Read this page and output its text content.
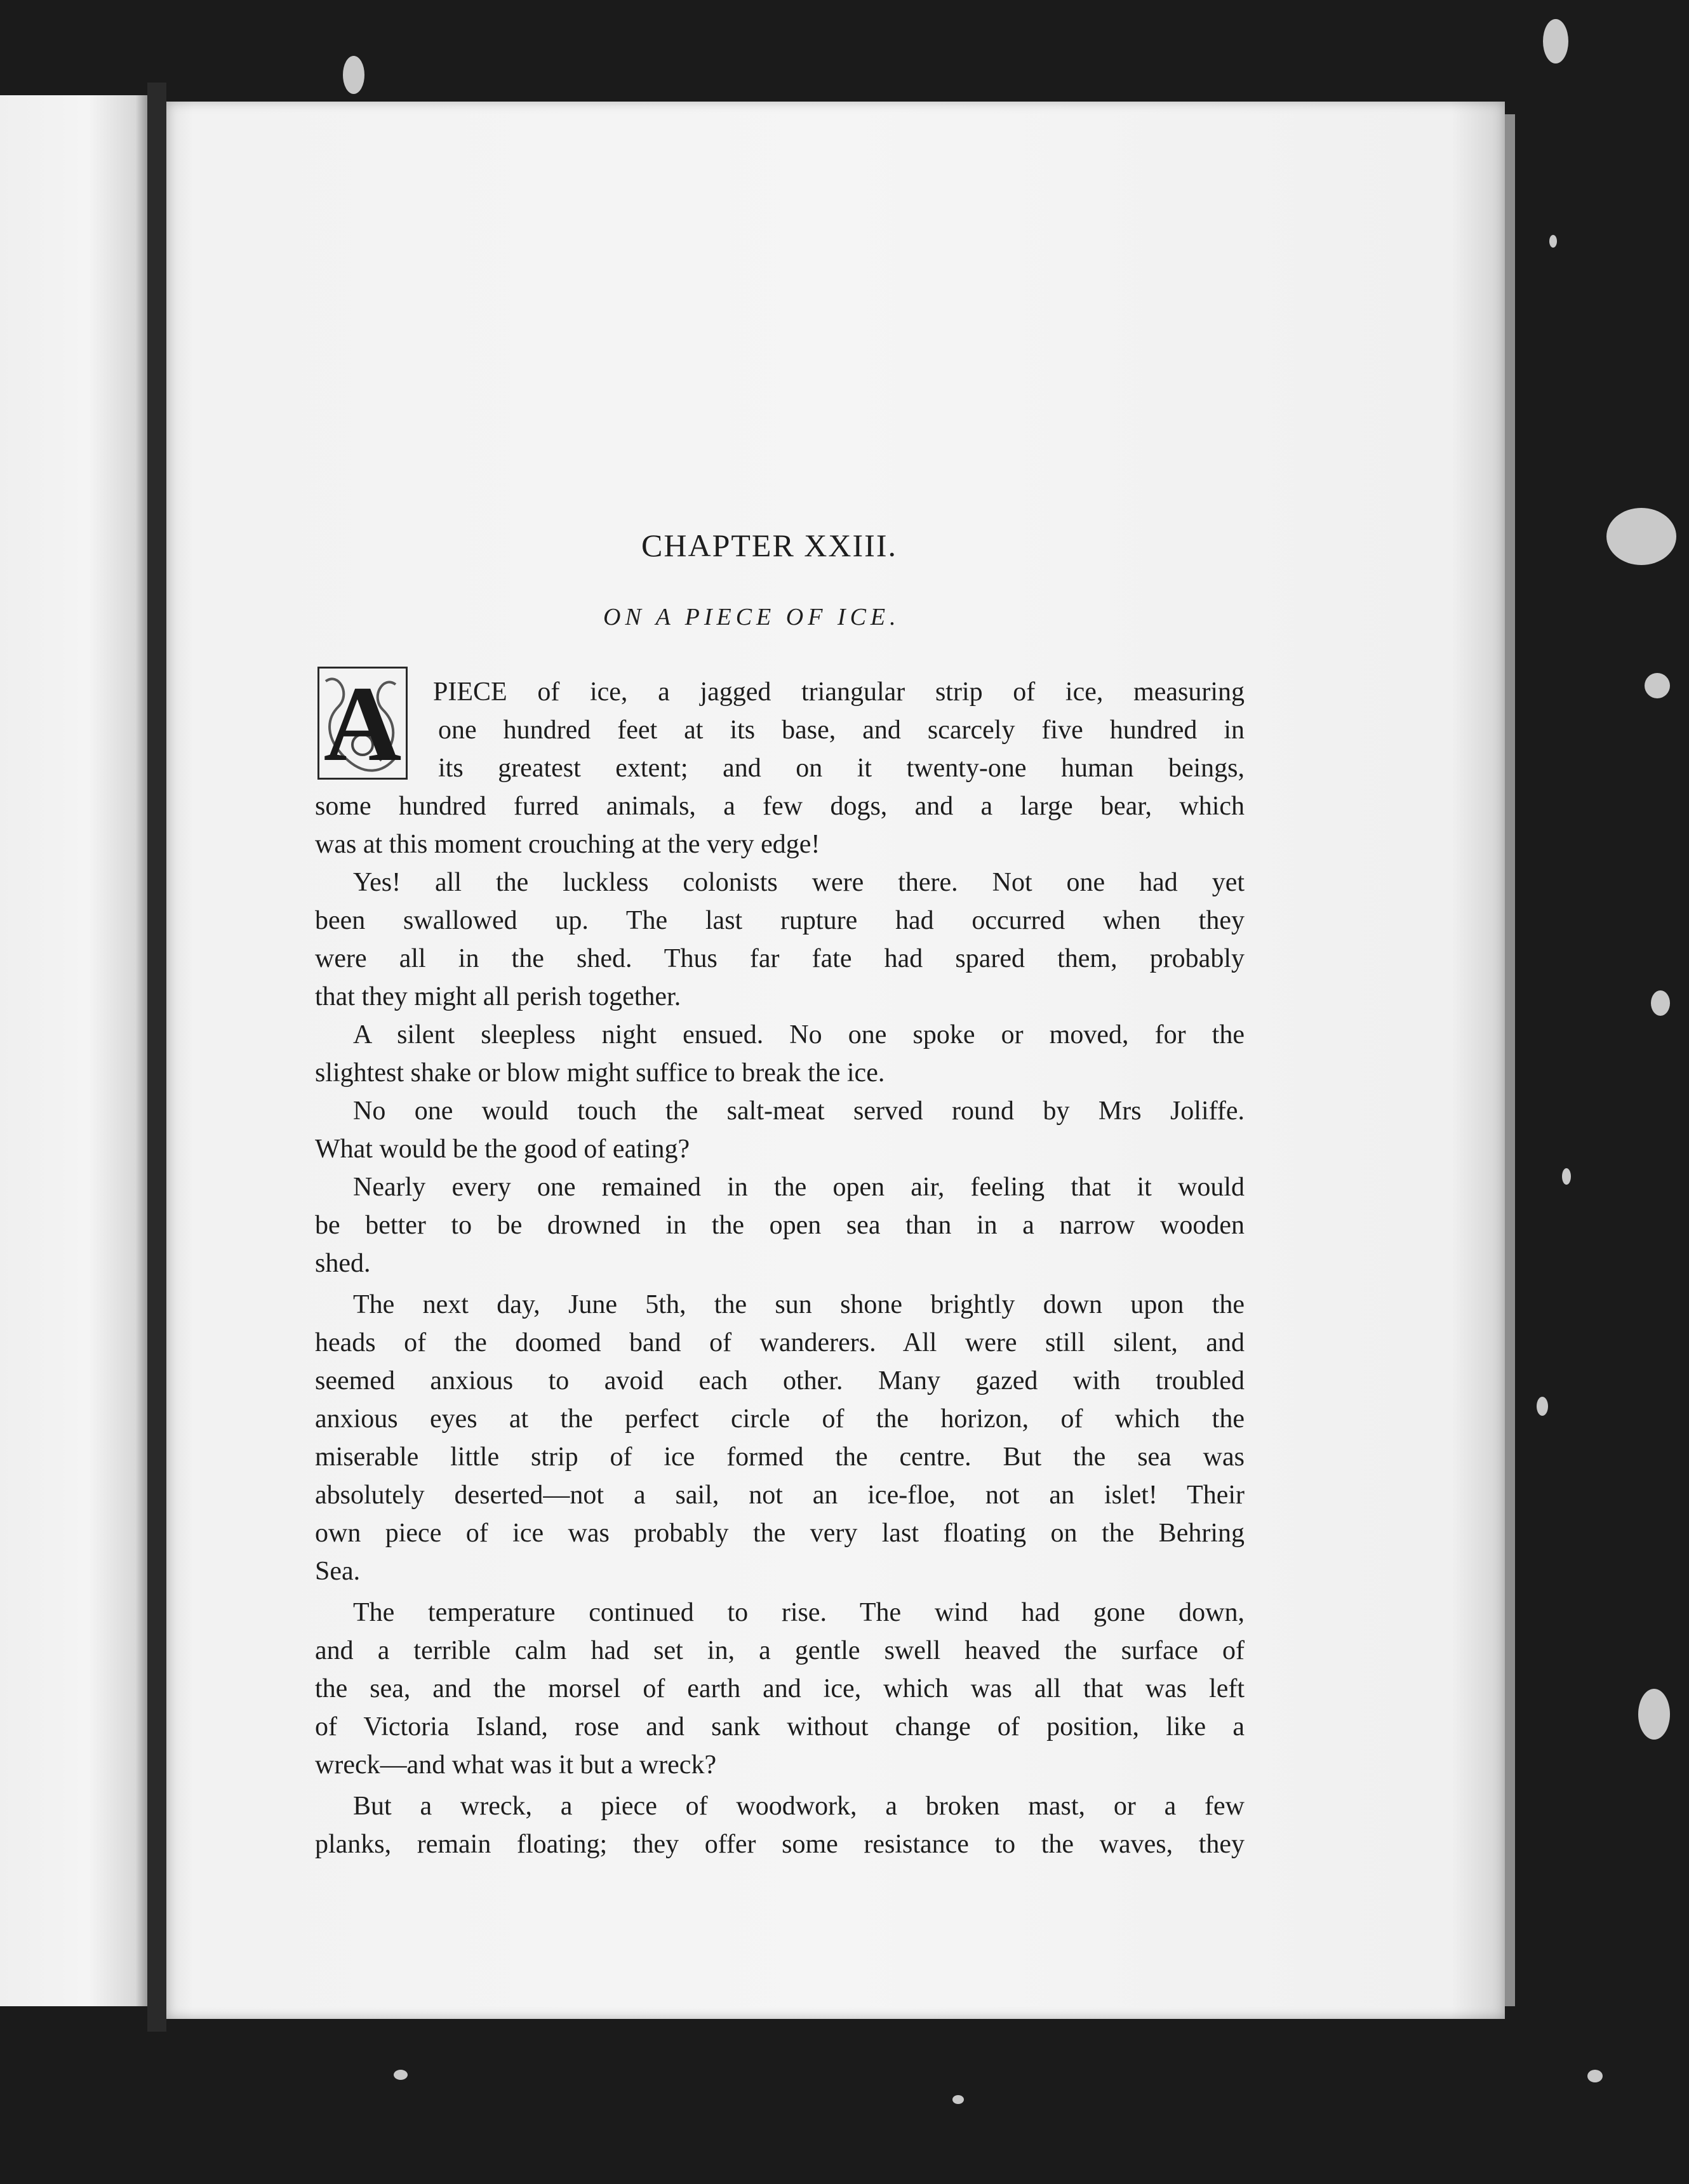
CHAPTER XXIII.
ON A PIECE OF ICE.
A PIECE of ice, a jagged triangular strip of ice, measuring
one hundred feet at its base, and scarcely five hundred in
its greatest extent; and on it twenty-one human beings,
some hundred furred animals, a few dogs, and a large bear, which
was at this moment crouching at the very edge!
Yes! all the luckless colonists were there. Not one had yet
been swallowed up. The last rupture had occurred when they
were all in the shed. Thus far fate had spared them, probably
that they might all perish together.
A silent sleepless night ensued. No one spoke or moved, for the
slightest shake or blow might suffice to break the ice.
No one would touch the salt-meat served round by Mrs Joliffe.
What would be the good of eating?
Nearly every one remained in the open air, feeling that it would
be better to be drowned in the open sea than in a narrow wooden
shed.
The next day, June 5th, the sun shone brightly down upon the
heads of the doomed band of wanderers. All were still silent, and
seemed anxious to avoid each other. Many gazed with troubled
anxious eyes at the perfect circle of the horizon, of which the
miserable little strip of ice formed the centre. But the sea was
absolutely deserted—not a sail, not an ice-floe, not an islet! Their
own piece of ice was probably the very last floating on the Behring
Sea.
The temperature continued to rise. The wind had gone down,
and a terrible calm had set in, a gentle swell heaved the surface of
the sea, and the morsel of earth and ice, which was all that was left
of Victoria Island, rose and sank without change of position, like a
wreck—and what was it but a wreck?
But a wreck, a piece of woodwork, a broken mast, or a few
planks, remain floating; they offer some resistance to the waves, they
